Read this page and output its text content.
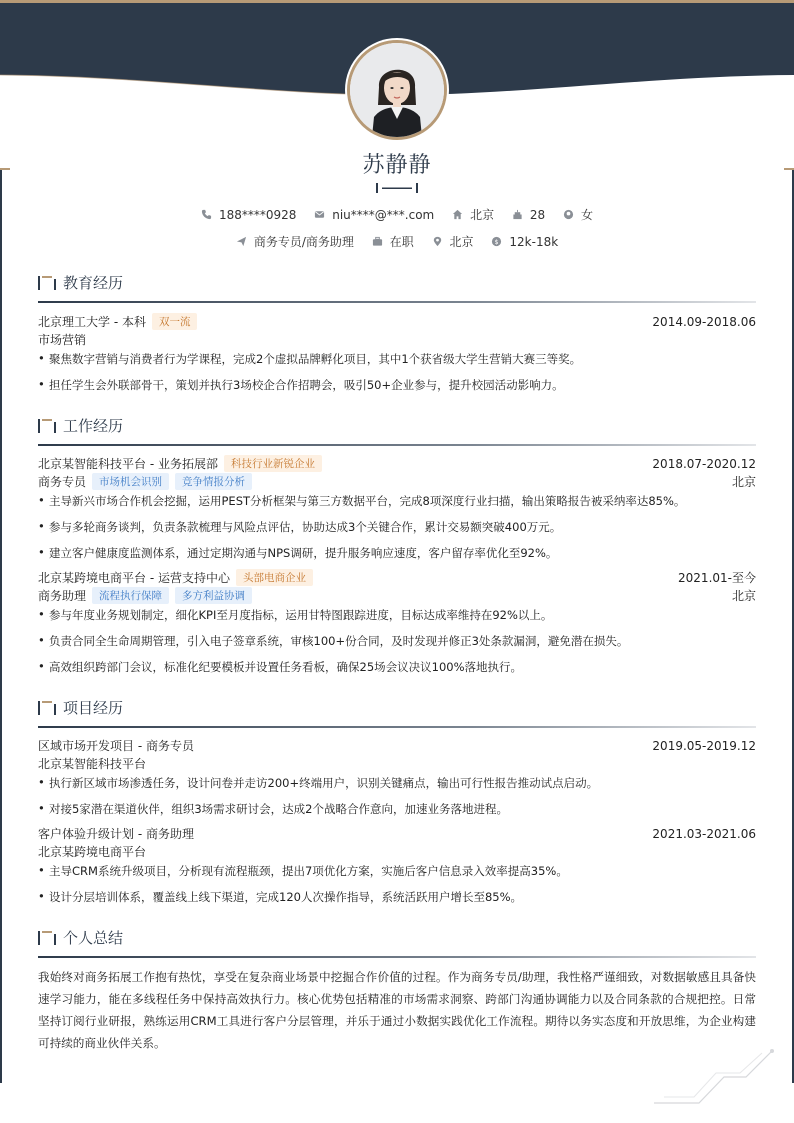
苏静静
188****0928
	niu****@***.com
	北京
	28
	女
商务专员/商务助理
	在职
	北京
	$ 12k-18k
教育经历
北京理工大学 - 本科	双一流	2014.09-2018.06
市场营销
• 聚焦数字营销与消费者行为学课程，完成2个虚拟品牌孵化项目，其中1个获省级大学生营销大赛三等奖。
• 担任学生会外联部骨干，策划并执行3场校企合作招聘会，吸引50+企业参与，提升校园活动影响力。
工作经历
北京某智能科技平台 - 业务拓展部	科技行业新锐企业	2018.07-2020.12
商务专员	市场机会识别	竞争情报分析	北京
• 主导新兴市场合作机会挖掘，运用PEST分析框架与第三方数据平台，完成8项深度行业扫描，输出策略报告被采纳率达85%。
• 参与多轮商务谈判，负责条款梳理与风险点评估，协助达成3个关键合作，累计交易额突破400万元。
• 建立客户健康度监测体系，通过定期沟通与NPS调研，提升服务响应速度，客户留存率优化至92%。
北京某跨境电商平台 - 运营支持中心	头部电商企业	2021.01-至今
商务助理	流程执行保障	多方利益协调	北京
• 参与年度业务规划制定，细化KPI至月度指标，运用甘特图跟踪进度，目标达成率维持在92%以上。
• 负责合同全生命周期管理，引入电子签章系统，审核100+份合同，及时发现并修正3处条款漏洞，避免潜在损失。
• 高效组织跨部门会议，标准化纪要模板并设置任务看板，确保25场会议决议100%落地执行。
项目经历
区域市场开发项目 - 商务专员	2019.05-2019.12
北京某智能科技平台
• 执行新区域市场渗透任务，设计问卷并走访200+终端用户，识别关键痛点，输出可行性报告推动试点启动。
• 对接5家潜在渠道伙伴，组织3场需求研讨会，达成2个战略合作意向，加速业务落地进程。
客户体验升级计划 - 商务助理	2021.03-2021.06
北京某跨境电商平台
• 主导CRM系统升级项目，分析现有流程瓶颈，提出7项优化方案，实施后客户信息录入效率提高35%。
• 设计分层培训体系，覆盖线上线下渠道，完成120人次操作指导，系统活跃用户增长至85%。
个人总结
我始终对商务拓展工作抱有热忱，享受在复杂商业场景中挖掘合作价值的过程。作为商务专员/助理，我性格严谨细致，对数据敏感且具备快速学习能力，能在多线程任务中保持高效执行力。核心优势包括精准的市场需求洞察、跨部门沟通协调能力以及合同条款的合规把控。日常坚持订阅行业研报，熟练运用CRM工具进行客户分层管理，并乐于通过小数据实践优化工作流程。期待以务实态度和开放思维，为企业构建可持续的商业伙伴关系。
